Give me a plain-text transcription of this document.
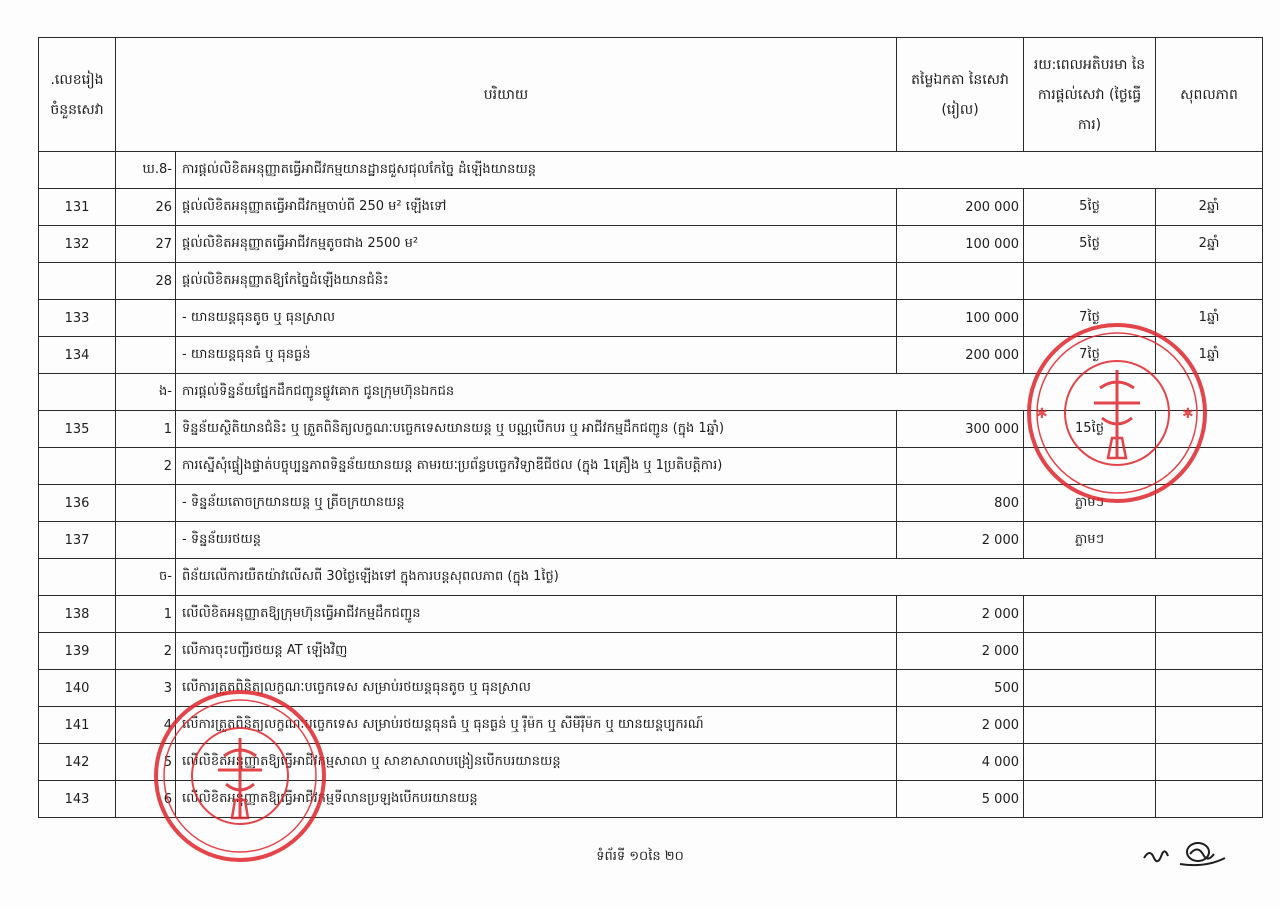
.លេខរៀង ចំនួនសេវា	បរិយាយ		តម្លៃឯកតា នៃសេវា (រៀល)	រយ:ពេលអតិបរមា នៃការផ្តល់សេវា (ថ្ងៃធ្វើការ)	សុពលភាព
	ឃ.8-	ការផ្តល់លិខិតអនុញ្ញាតធ្វើអាជីវកម្មយានដ្ឋានជួសជុលកែច្នៃ ដំឡើងយានយន្ត			
131	26	ផ្តល់លិខិតអនុញ្ញាតធ្វើអាជីវកម្មចាប់ពី 250 ម² ឡើងទៅ	200 000	5ថ្ងៃ	2ឆ្នាំ
132	27	ផ្តល់លិខិតអនុញ្ញាតធ្វើអាជីវកម្មតូចជាង 2500 ម²	100 000	5ថ្ងៃ	2ឆ្នាំ
	28	ផ្តល់លិខិតអនុញ្ញាតឱ្យកែច្នៃដំឡើងយានជំនិះ			
133		- យានយន្តធុនតូច ឬ ធុនស្រាល	100 000	7ថ្ងៃ	1ឆ្នាំ
134		- យានយន្តធុនធំ ឬ ធុនធ្ងន់	200 000	7ថ្ងៃ	1ឆ្នាំ
	ង-	ការផ្តល់ទិន្នន័យផ្នែកដឹកជញ្ជូនផ្លូវគោក ជូនក្រុមហ៊ុនឯកជន			
135	1	ទិន្នន័យស្ថិតិយានជំនិះ ឬ ត្រួតពិនិត្យលក្ខណៈបច្ចេកទេសយានយន្ត ឬ បណ្ណបើកបរ ឬ អាជីវកម្មដឹកជញ្ជូន (ក្នុង 1ឆ្នាំ)	300 000	15ថ្ងៃ	
	2	ការស្នើសុំផ្ទៀងផ្ទាត់បច្ចុប្បន្នភាពទិន្នន័យយានយន្ត តាមរយៈប្រព័ន្ធបច្ចេកវិទ្យាឌីជីថល (ក្នុង 1គ្រឿង ឬ 1ប្រតិបត្តិការ)			
136		- ទិន្នន័យតោចក្រយានយន្ត ឬ ត្រីចក្រយានយន្ត	800	ភ្លាមៗ	
137		- ទិន្នន័យរថយន្ត	2 000	ភ្លាមៗ	
	ច-	ពិន័យលើការយឺតយ៉ាវលើសពី 30ថ្ងៃឡើងទៅ ក្នុងការបន្តសុពលភាព (ក្នុង 1ថ្ងៃ)			
138	1	លើលិខិតអនុញ្ញាតឱ្យក្រុមហ៊ុនធ្វើអាជីវកម្មដឹកជញ្ជូន	2 000		
139	2	លើការចុះបញ្ជីរថយន្ត AT ឡើងវិញ	2 000		
140	3	លើការត្រួតពិនិត្យលក្ខណៈបច្ចេកទេស សម្រាប់រថយន្តធុនតូច ឬ ធុនស្រាល	500		
141	4	លើការត្រួតពិនិត្យលក្ខណៈបច្ចេកទេស សម្រាប់រថយន្តធុនធំ ឬ ធុនធ្ងន់ ឬ រ៉ឺម៉ក ឬ សីមីរ៉ឺម៉ក ឬ យានយន្តប្បករណ៍	2 000		
142	5	លើលិខិតអនុញ្ញាតឱ្យធ្វើអាជីវកម្មសាលា ឬ សាខាសាលាបង្រៀនបើកបរយានយន្ត	4 000		
143	6	លើលិខិតអនុញ្ញាតឱ្យធ្វើអាជីវកម្មទីលានប្រឡងបើកបរយានយន្ត	5 000		
✱	✱
ទំព័រទី ១០នៃ ២០
